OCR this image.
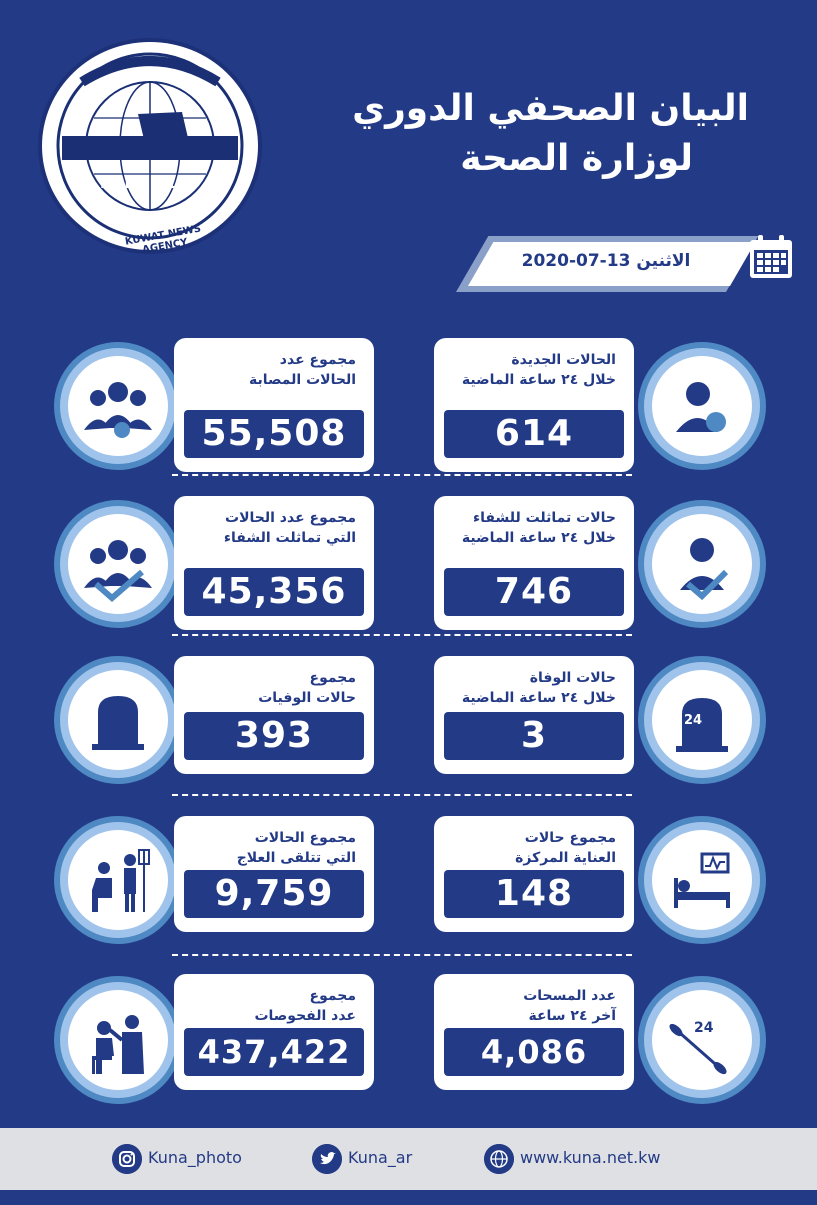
KUNA كونا
KUWAT NEWS AGENCY
البيان الصحفي الدوري
لوزارة الصحة
الاثنين 13-07-2020
مجموع عدد
الحالات المصابة
55,508
الحالات الجديدة
خلال ٢٤ ساعة الماضية
614
مجموع عدد الحالات
التي تماثلت الشفاء
45,356
حالات تماثلت للشفاء
خلال ٢٤ ساعة الماضية
746
مجموع
حالات الوفيات
393
حالات الوفاة
خلال ٢٤ ساعة الماضية
3	24
مجموع الحالات
التي تتلقى العلاج
9,759
مجموع حالات
العناية المركزة
148
مجموع
عدد الفحوصات
437,422
عدد المسحات
آخر ٢٤ ساعة
4,086
24
Kuna_photo	Kuna_ar	www.kuna.net.kw
